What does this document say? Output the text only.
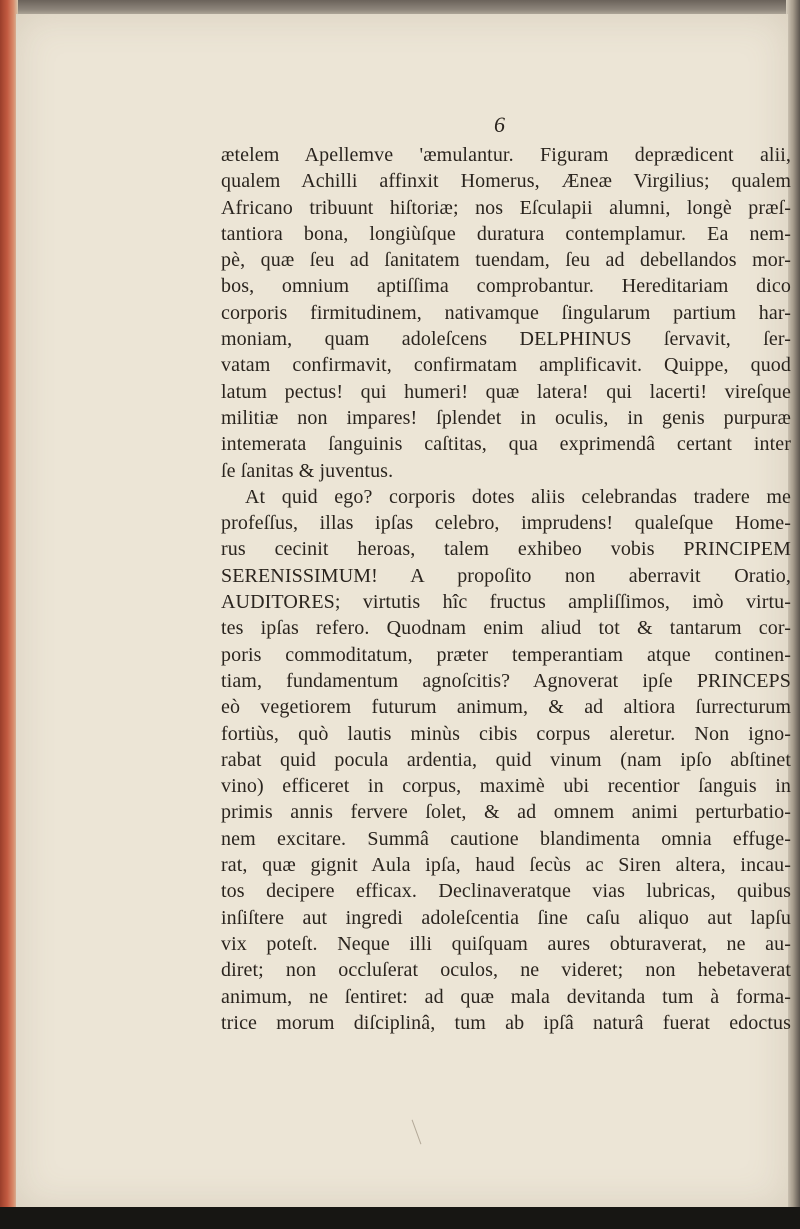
6

ætelem Apellemve 'æmulantur. Figuram deprædicent alii,
qualem Achilli affinxit Homerus, Æneæ Virgilius; qualem
Africano tribuunt hiſtoriæ; nos Eſculapii alumni, longè præſ-
tantiora bona, longiùſque duratura contemplamur. Ea nem-
pè, quæ ſeu ad ſanitatem tuendam, ſeu ad debellandos mor-
bos, omnium aptiſſima comprobantur. Hereditariam dico
corporis firmitudinem, nativamque ſingularum partium har-
moniam, quam adoleſcens DELPHINUS ſervavit, ſer-
vatam confirmavit, confirmatam amplificavit. Quippe, quod
latum pectus! qui humeri! quæ latera! qui lacerti! vireſque
militiæ non impares! ſplendet in oculis, in genis purpuræ
intemerata ſanguinis caſtitas, qua exprimendâ certant inter
ſe ſanitas & juventus.
At quid ego? corporis dotes aliis celebrandas tradere me
profeſſus, illas ipſas celebro, imprudens! qualeſque Home-
rus cecinit heroas, talem exhibeo vobis PRINCIPEM
SERENISSIMUM! A propoſito non aberravit Oratio,
AUDITORES; virtutis hîc fructus ampliſſimos, imò virtu-
tes ipſas refero. Quodnam enim aliud tot & tantarum cor-
poris commoditatum, præter temperantiam atque continen-
tiam, fundamentum agnoſcitis? Agnoverat ipſe PRINCEPS
eò vegetiorem futurum animum, & ad altiora ſurrecturum
fortiùs, quò lautis minùs cibis corpus aleretur. Non igno-
rabat quid pocula ardentia, quid vinum (nam ipſo abſtinet
vino) efficeret in corpus, maximè ubi recentior ſanguis in
primis annis fervere ſolet, & ad omnem animi perturbatio-
nem excitare. Summâ cautione blandimenta omnia effuge-
rat, quæ gignit Aula ipſa, haud ſecùs ac Siren altera, incau-
tos decipere efficax. Declinaveratque vias lubricas, quibus
inſiſtere aut ingredi adoleſcentia ſine caſu aliquo aut lapſu
vix poteſt. Neque illi quiſquam aures obturaverat, ne au-
diret; non occluſerat oculos, ne videret; non hebetaverat
animum, ne ſentiret: ad quæ mala devitanda tum à forma-
trice morum diſciplinâ, tum ab ipſâ naturâ fuerat edoctus
